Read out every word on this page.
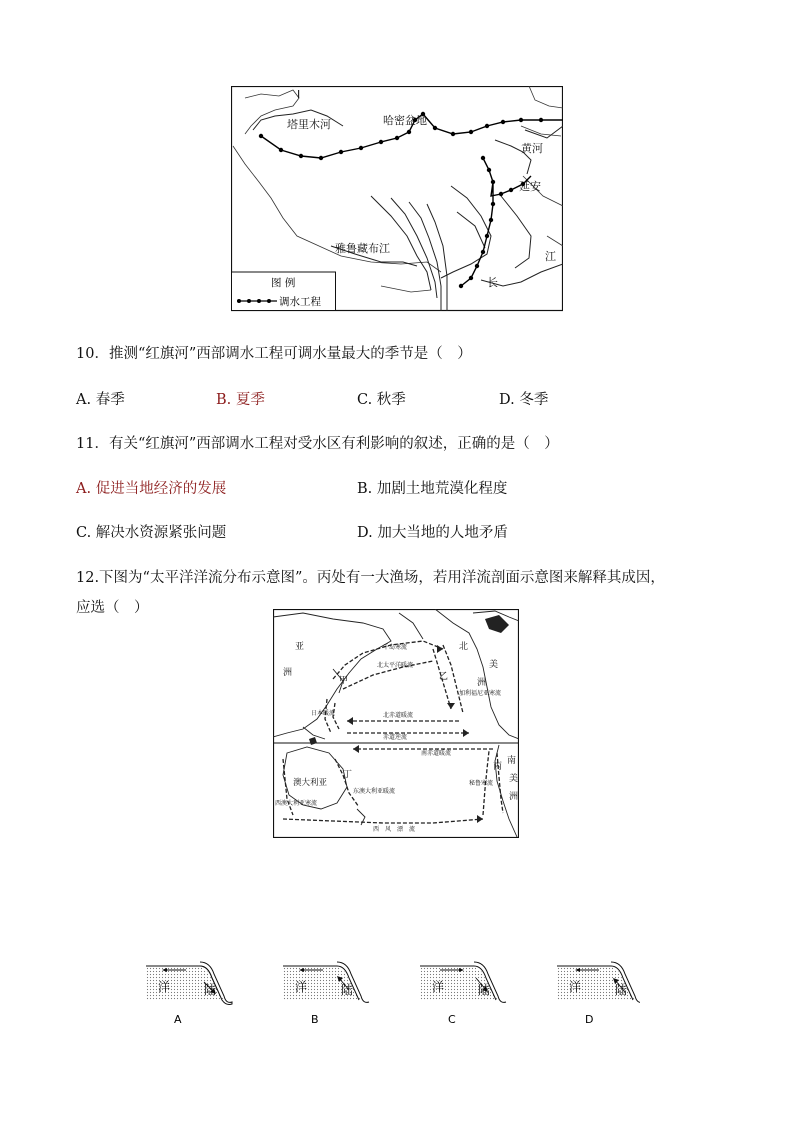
I
塔里木河	哈密盆地
黄河
延安
雅鲁藏布江
江
长
图 例
调水工程
10．推测“红旗河”西部调水工程可调水量最大的季节是（　）
A. 春季	B. 夏季	C. 秋季	D. 冬季
11．有关“红旗河”西部调水工程对受水区有利影响的叙述，正确的是（　）
A. 促进当地经济的发展	B. 加剧土地荒漠化程度
C. 解决水资源紧张问题	D. 加大当地的人地矛盾
12.下图为“太平洋洋流分布示意图”。丙处有一大渔场，若用洋流剖面示意图来解释其成因，
应选（　）
亚
洲
北
美
洲
南
美
洲
甲	乙
丙
丁
澳大利亚
千岛寒流
北太平洋暖流
日本暖流	北赤道暖流
赤道逆流
南赤道暖流
东澳大利亚暖流
西　风　漂　流
加利福尼亚寒流
秘鲁寒流
西澳大利亚寒流
洋	陆
A
洋	陆
B
洋	陆
C
洋	陆
D
